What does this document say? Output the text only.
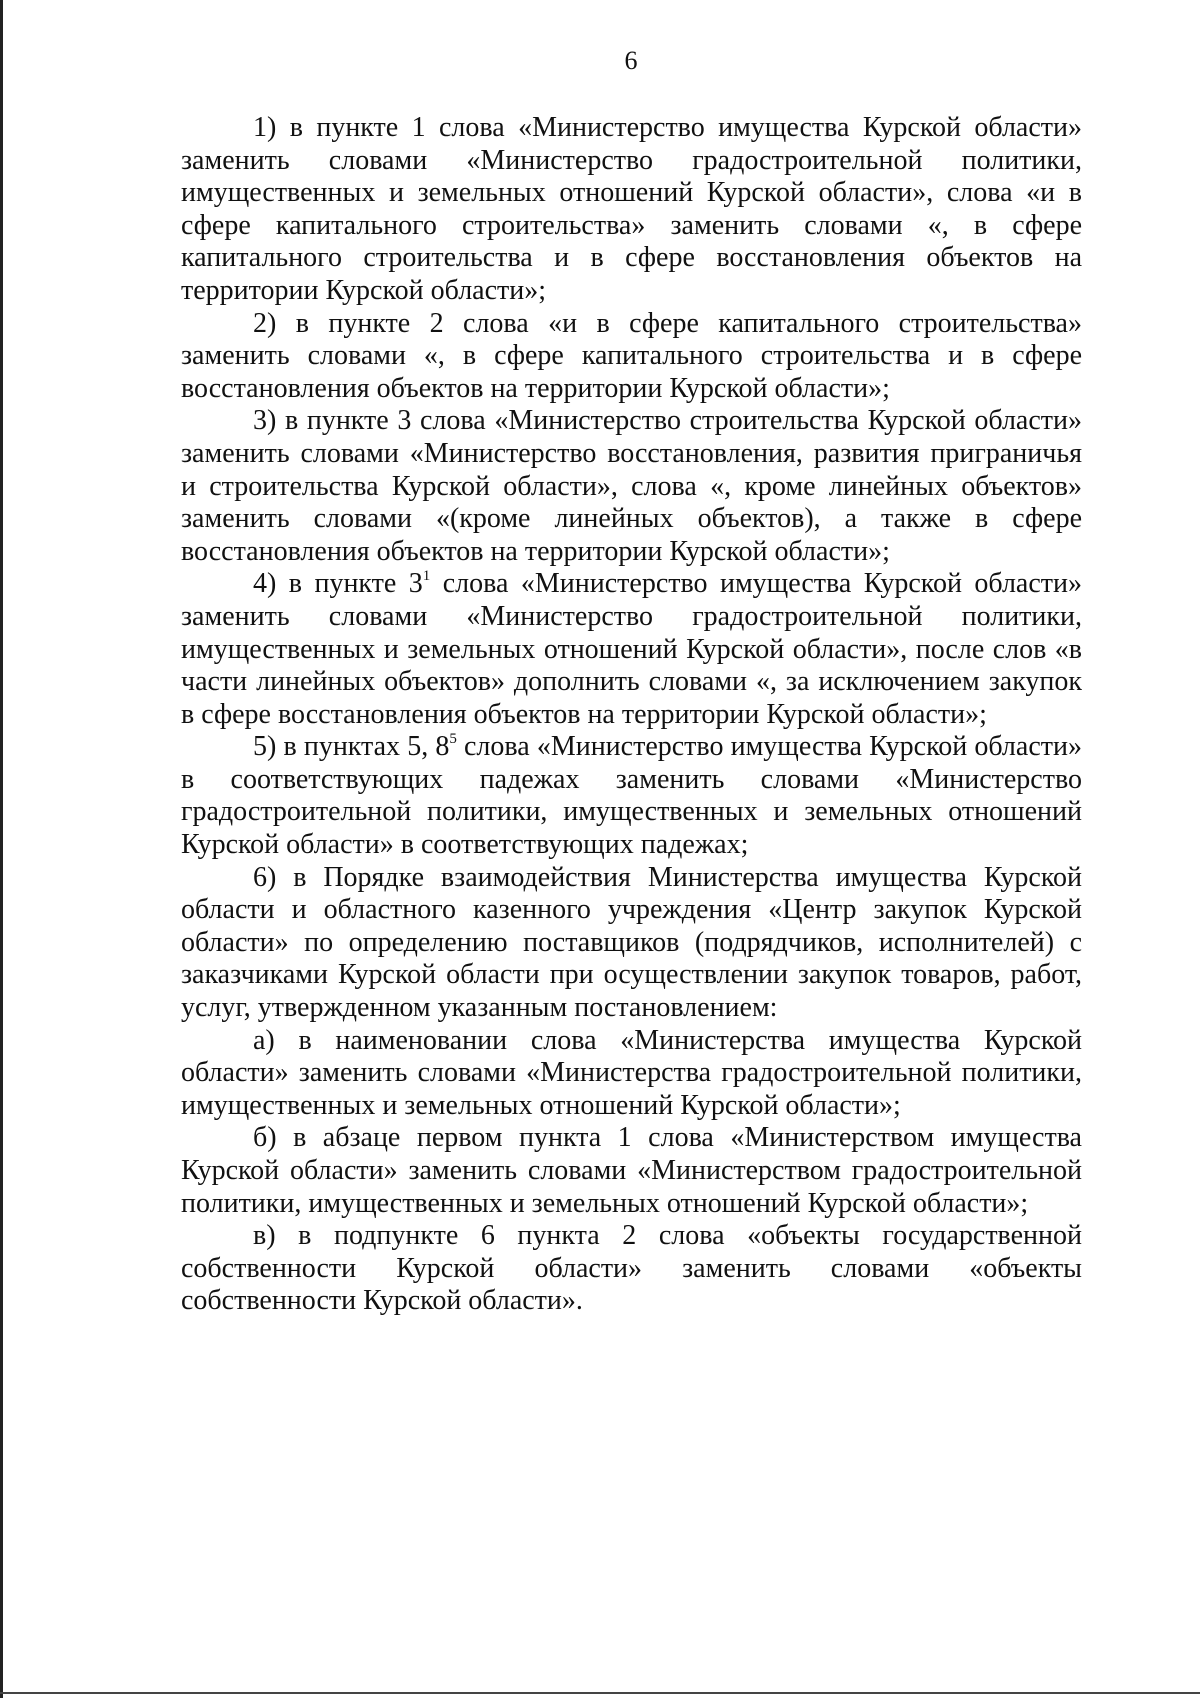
6

1) в пункте 1 слова «Министерство имущества Курской области» заменить словами «Министерство градостроительной политики, имущественных и земельных отношений Курской области», слова «и в сфере капитального строительства» заменить словами «, в сфере капитального строительства и в сфере восстановления объектов на территории Курской области»;

2) в пункте 2 слова «и в сфере капитального строительства» заменить словами «, в сфере капитального строительства и в сфере восстановления объектов на территории Курской области»;

3) в пункте 3 слова «Министерство строительства Курской области» заменить словами «Министерство восстановления, развития приграничья и строительства Курской области», слова «, кроме линейных объектов» заменить словами «(кроме линейных объектов), а также в сфере восстановления объектов на территории Курской области»;

4) в пункте $3^1$ слова «Министерство имущества Курской области» заменить словами «Министерство градостроительной политики, имущественных и земельных отношений Курской области», после слов «в части линейных объектов» дополнить словами «, за исключением закупок в сфере восстановления объектов на территории Курской области»;

5) в пунктах 5, $8^5$ слова «Министерство имущества Курской области» в соответствующих падежах заменить словами «Министерство градостроительной политики, имущественных и земельных отношений Курской области» в соответствующих падежах;

6) в Порядке взаимодействия Министерства имущества Курской области и областного казенного учреждения «Центр закупок Курской области» по определению поставщиков (подрядчиков, исполнителей) с заказчиками Курской области при осуществлении закупок товаров, работ, услуг, утвержденном указанным постановлением:

а) в наименовании слова «Министерства имущества Курской области» заменить словами «Министерства градостроительной политики, имущественных и земельных отношений Курской области»;

б) в абзаце первом пункта 1 слова «Министерством имущества Курской области» заменить словами «Министерством градостроительной политики, имущественных и земельных отношений Курской области»;

в) в подпункте 6 пункта 2 слова «объекты государственной собственности Курской области» заменить словами «объекты собственности Курской области».
